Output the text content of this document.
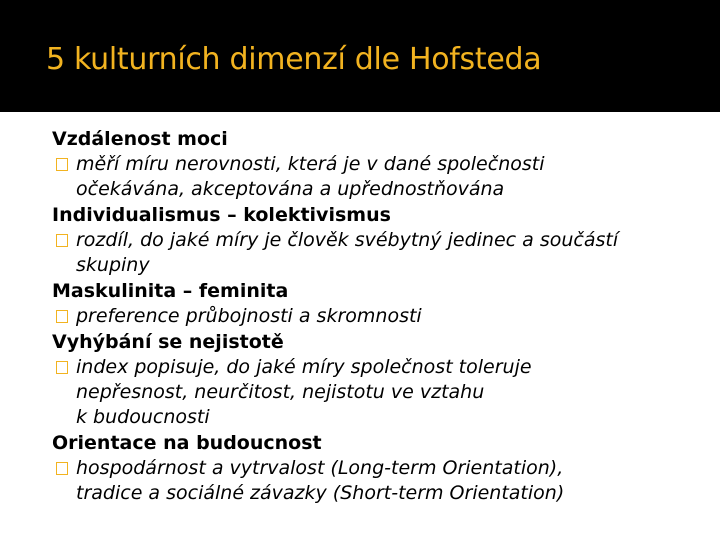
5 kulturních dimenzí dle Hofsteda
Vzdálenost moci
měří míru nerovnosti, která je v dané společnosti
očekávána, akceptována a upřednostňována
Individualismus – kolektivismus
rozdíl, do jaké míry je člověk svébytný jedinec a součástí
skupiny
Maskulinita – feminita
preference průbojnosti a skromnosti
Vyhýbání se nejistotě
index popisuje, do jaké míry společnost toleruje
nepřesnost, neurčitost, nejistotu ve vztahu
k budoucnosti
Orientace na budoucnost
hospodárnost a vytrvalost (Long-term Orientation),
tradice a sociálné závazky (Short-term Orientation)
